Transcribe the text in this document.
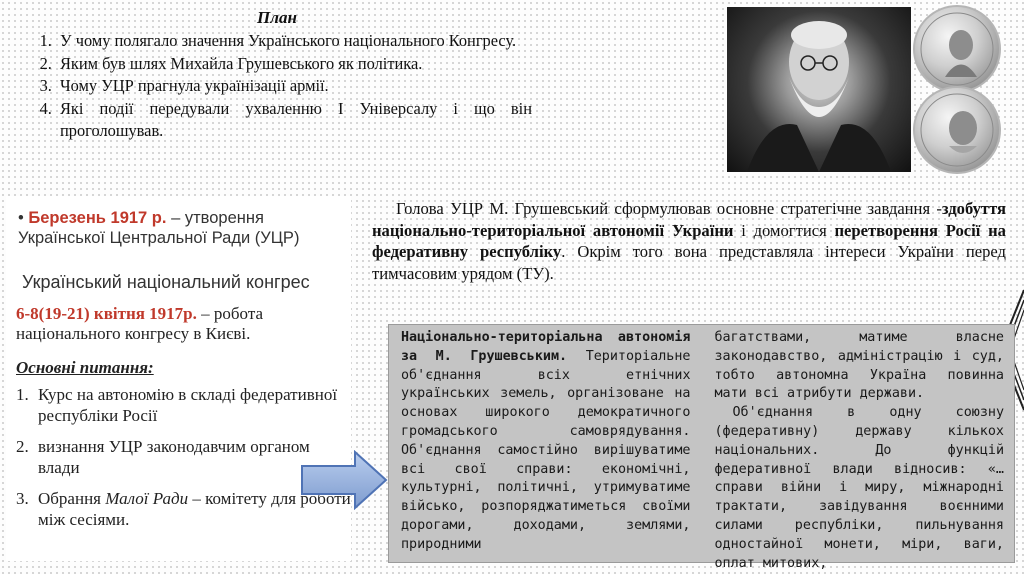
План

1. У чому полягало значення Українського національного Конгресу.
2. Яким був шлях Михайла Грушевського як політика.
3. Чому УЦР прагнула українізації армії.
4. Які події передували ухваленню І Універсалу і що він проголошував.
• Березень 1917 р. – утворення Української Центральної Ради (УЦР)
Український національний конгрес
6-8(19-21) квітня 1917р. – робота національного конгресу в Києві.
Основні питання:
1. Курс на автономію в складі федеративної республіки Росії
2. визнання УЦР законодавчим органом влади
3. Обрання Малої Ради – комітету для роботи між сесіями.
Голова УЦР М. Грушевський сформулював основне стратегічне завдання -здобуття національно-територіальної автономії України і домогтися перетворення Росії на федеративну республіку. Окрім того вона представляла інтереси України перед тимчасовим урядом (ТУ).

Національно-територіальна автономія за М. Грушевським. Територіальне об'єднання всіх етнічних українських земель, організоване на основах широкого демократичного громадського самоврядування. Об'єднання самостійно вирішуватиме всі свої справи: економічні, культурні, політичні, утримуватиме військо, розпоряджатиметься своїми дорогами, доходами, землями, природними

багатствами, матиме власне законодавство, адміністрацію і суд, тобто автономна Україна повинна мати всі атрибути держави.

Об'єднання в одну союзну (федеративну) державу кількох національних. До функцій федеративної влади відносив: «…справи війни і миру, міжнародні трактати, завідування воєнними силами республіки, пильнування одностайної монети, міри, ваги, оплат митових,
